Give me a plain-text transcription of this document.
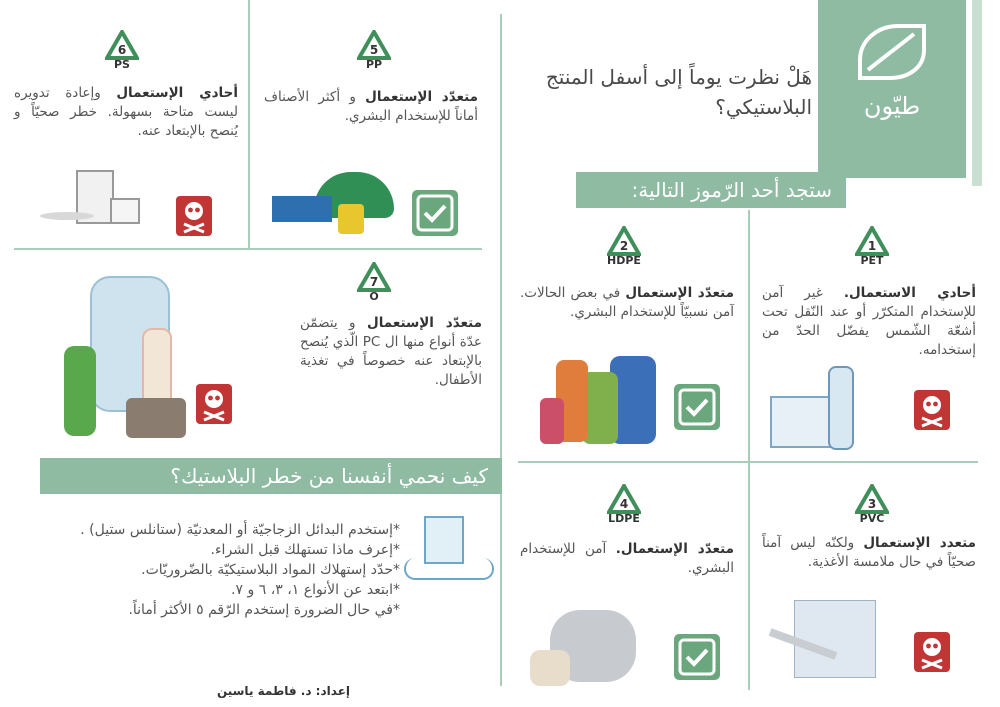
طيّون
هَلْ نظرت يوماً إلى أسفل المنتج البلاستيكي؟
ستجد أحد الرّموز التالية:
كيف نحمي أنفسنا من خطر البلاستيك؟
1
PET
أحادي الاستعمال. غير آمن للإستخدام المتكرّر أو عند النّقل تحت أشعّة الشّمس يفضّل الحدّ من إستخدامه.
2
HDPE
متعدّد الإستعمال في بعض الحالات. آمن نسبيّاً للإستخدام البشري.
3
PVC
متعدد الإستعمال ولكنّه ليس آمناً صحيّاً في حال ملامسة الأغذية.
4
LDPE
متعدّد الإستعمال. آمن للإستخدام البشري.
5
PP
متعدّد الإستعمال و أكثر الأصناف أماناً للإستخدام البشري.
6
PS
أحادي الإستعمال وإعادة تدويره ليست متاحة بسهولة. خطر صحيّاً و يُنصح بالإبتعاد عنه.
7
O
متعدّد الإستعمال و يتضمّن عدّة أنواع منها ال PC الّذي يُنصح بالإبتعاد عنه خصوصاً في تغذية الأطفال.
*إستخدم البدائل الزجاجيّة أو المعدنيّة (ستانلس ستيل) .
*إعرف ماذا تستهلك قبل الشراء.
*حدّد إستهلاك المواد البلاستيكيّة بالضّروريّات.
*ابتعد عن الأنواع ١، ٣، ٦ و ٧.
*في حال الضرورة إستخدم الرّقم ٥ الأكثر أماناً.
إعداد: د. فاطمة ياسين
